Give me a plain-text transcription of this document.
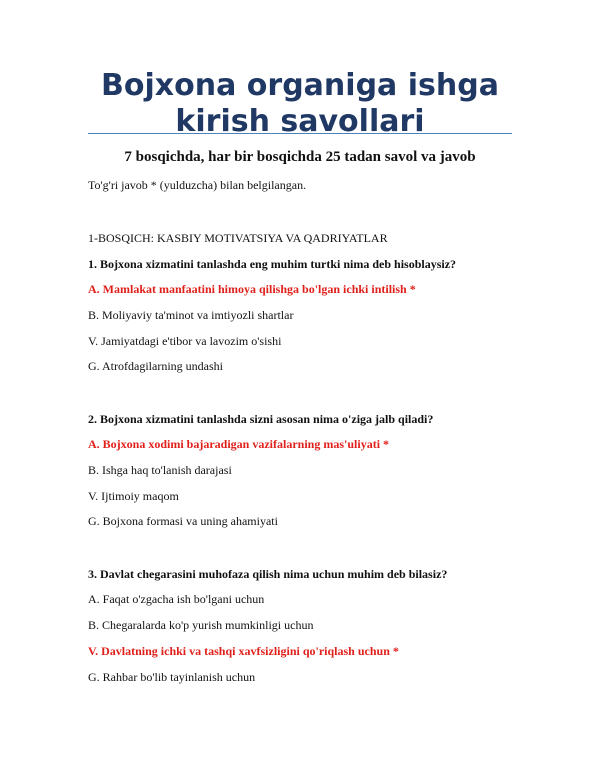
Bojxona organiga ishga kirish savollari
7 bosqichda, har bir bosqichda 25 tadan savol va javob
To'g'ri javob * (yulduzcha) bilan belgilangan.
1-BOSQICH: KASBIY MOTIVATSIYA VA QADRIYATLAR
1. Bojxona xizmatini tanlashda eng muhim turtki nima deb hisoblaysiz?
A. Mamlakat manfaatini himoya qilishga bo'lgan ichki intilish *
B. Moliyaviy ta'minot va imtiyozli shartlar
V. Jamiyatdagi e'tibor va lavozim o'sishi
G. Atrofdagilarning undashi
2. Bojxona xizmatini tanlashda sizni asosan nima o'ziga jalb qiladi?
A. Bojxona xodimi bajaradigan vazifalarning mas'uliyati *
B. Ishga haq to'lanish darajasi
V. Ijtimoiy maqom
G. Bojxona formasi va uning ahamiyati
3. Davlat chegarasini muhofaza qilish nima uchun muhim deb bilasiz?
A. Faqat o'zgacha ish bo'lgani uchun
B. Chegaralarda ko'p yurish mumkinligi uchun
V. Davlatning ichki va tashqi xavfsizligini qo'riqlash uchun *
G. Rahbar bo'lib tayinlanish uchun
